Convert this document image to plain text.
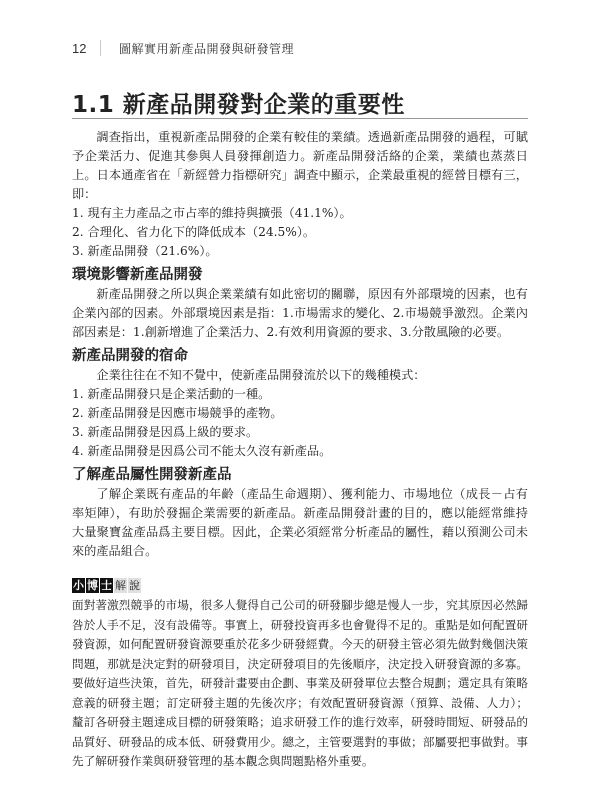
12	圖解實用新產品開發與研發管理
1.1 新產品開發對企業的重要性

調查指出，重視新產品開發的企業有較佳的業績。透過新產品開發的過程，可賦予企業活力、促進其參與人員發揮創造力。新產品開發活絡的企業，業績也蒸蒸日上。日本通產省在「新經營力指標研究」調查中顯示，企業最重視的經營目標有三，即：

1. 現有主力產品之市占率的維持與擴張（41.1%）。
2. 合理化、省力化下的降低成本（24.5%）。
3. 新產品開發（21.6%）。
環境影響新產品開發

新產品開發之所以與企業業績有如此密切的關聯，原因有外部環境的因素，也有企業內部的因素。外部環境因素是指：1.市場需求的變化、2.市場競爭激烈。企業內部因素是：1.創新增進了企業活力、2.有效利用資源的要求、3.分散風險的必要。

新產品開發的宿命

企業往往在不知不覺中，使新產品開發流於以下的幾種模式：

1. 新產品開發只是企業活動的一種。
2. 新產品開發是因應市場競爭的產物。
3. 新產品開發是因爲上級的要求。
4. 新產品開發是因爲公司不能太久沒有新產品。
了解產品屬性開發新產品

了解企業既有產品的年齡（產品生命週期）、獲利能力、市場地位（成長－占有率矩陣），有助於發掘企業需要的新產品。新產品開發計畫的目的，應以能經常維持大量聚寶盆產品爲主要目標。因此，企業必須經常分析產品的屬性，藉以預測公司未來的產品組合。

小 博 士 解 說

面對著激烈競爭的市場，很多人覺得自己公司的研發腳步總是慢人一步，究其原因必然歸咎於人手不足，沒有設備等。事實上，研發投資再多也會覺得不足的。重點是如何配置研發資源，如何配置研發資源要重於花多少研發經費。今天的研發主管必須先做對幾個決策問題，那就是決定對的研發項目，決定研發項目的先後順序，決定投入研發資源的多寡。要做好這些決策，首先，研發計畫要由企劃、事業及研發單位去整合規劃；選定具有策略意義的研發主題；訂定研發主題的先後次序；有效配置研發資源（預算、設備、人力）；釐訂各研發主題達成目標的研發策略；追求研發工作的進行效率，研發時間短、研發品的品質好、研發品的成本低、研發費用少。總之，主管要選對的事做；部屬要把事做對。事先了解研發作業與研發管理的基本觀念與問題點格外重要。
